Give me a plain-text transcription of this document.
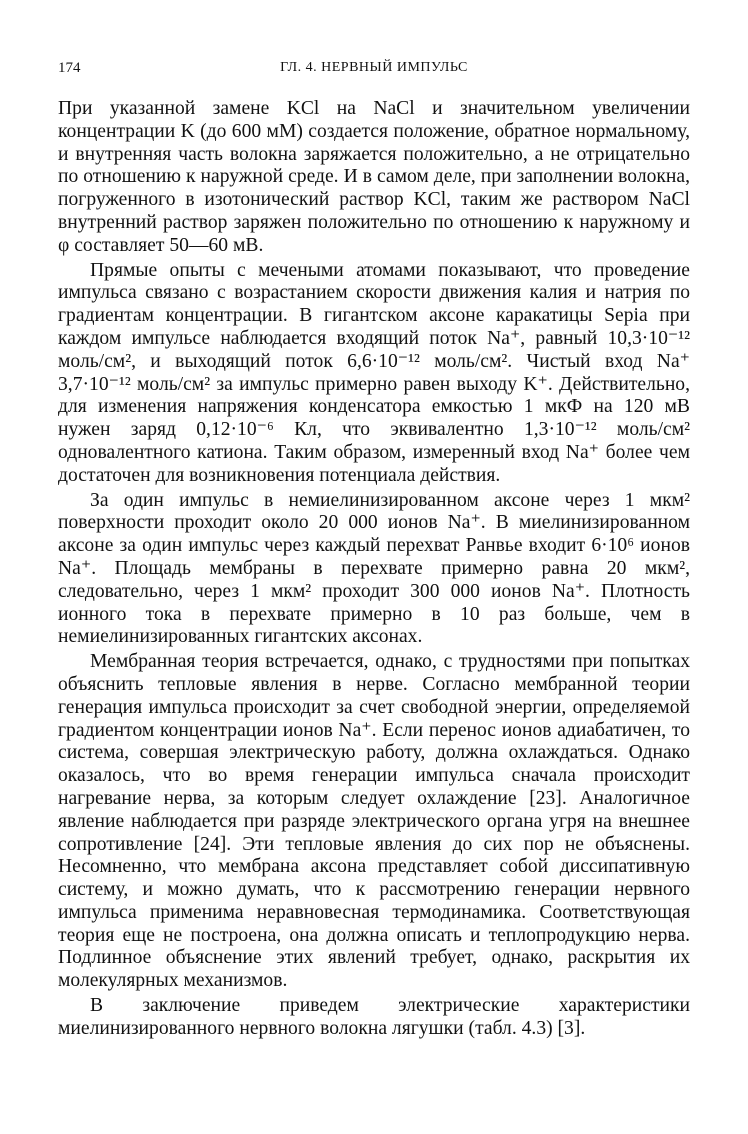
174	ГЛ. 4. НЕРВНЫЙ ИМПУЛЬС

При указанной замене KCl на NaCl и значительном увеличении концентрации K (до 600 мМ) создается положение, обратное нормальному, и внутренняя часть волокна заряжается положительно, а не отрицательно по отношению к наружной среде. И в самом деле, при заполнении волокна, погруженного в изотонический раствор KCl, таким же раствором NaCl внутренний раствор заряжен положительно по отношению к наружному и φ составляет 50—60 мВ.

Прямые опыты с мечеными атомами показывают, что проведение импульса связано с возрастанием скорости движения калия и натрия по градиентам концентрации. В гигантском аксоне каракатицы Sepia при каждом импульсе наблюдается входящий поток Na⁺, равный 10,3·10⁻¹² моль/см², и выходящий поток 6,6·10⁻¹² моль/см². Чистый вход Na⁺ 3,7·10⁻¹² моль/см² за импульс примерно равен выходу K⁺. Действительно, для изменения напряжения конденсатора емкостью 1 мкФ на 120 мВ нужен заряд 0,12·10⁻⁶ Кл, что эквивалентно 1,3·10⁻¹² моль/см² одновалентного катиона. Таким образом, измеренный вход Na⁺ более чем достаточен для возникновения потенциала действия.

За один импульс в немиелинизированном аксоне через 1 мкм² поверхности проходит около 20 000 ионов Na⁺. В миелинизированном аксоне за один импульс через каждый перехват Ранвье входит 6·10⁶ ионов Na⁺. Площадь мембраны в перехвате примерно равна 20 мкм², следовательно, через 1 мкм² проходит 300 000 ионов Na⁺. Плотность ионного тока в перехвате примерно в 10 раз больше, чем в немиелинизированных гигантских аксонах.

Мембранная теория встречается, однако, с трудностями при попытках объяснить тепловые явления в нерве. Согласно мембранной теории генерация импульса происходит за счет свободной энергии, определяемой градиентом концентрации ионов Na⁺. Если перенос ионов адиабатичен, то система, совершая электрическую работу, должна охлаждаться. Однако оказалось, что во время генерации импульса сначала происходит нагревание нерва, за которым следует охлаждение [23]. Аналогичное явление наблюдается при разряде электрического органа угря на внешнее сопротивление [24]. Эти тепловые явления до сих пор не объяснены. Несомненно, что мембрана аксона представляет собой диссипативную систему, и можно думать, что к рассмотрению генерации нервного импульса применима неравновесная термодинамика. Соответствующая теория еще не построена, она должна описать и теплопродукцию нерва. Подлинное объяснение этих явлений требует, однако, раскрытия их молекулярных механизмов.

В заключение приведем электрические характеристики миелинизированного нервного волокна лягушки (табл. 4.3) [3].
